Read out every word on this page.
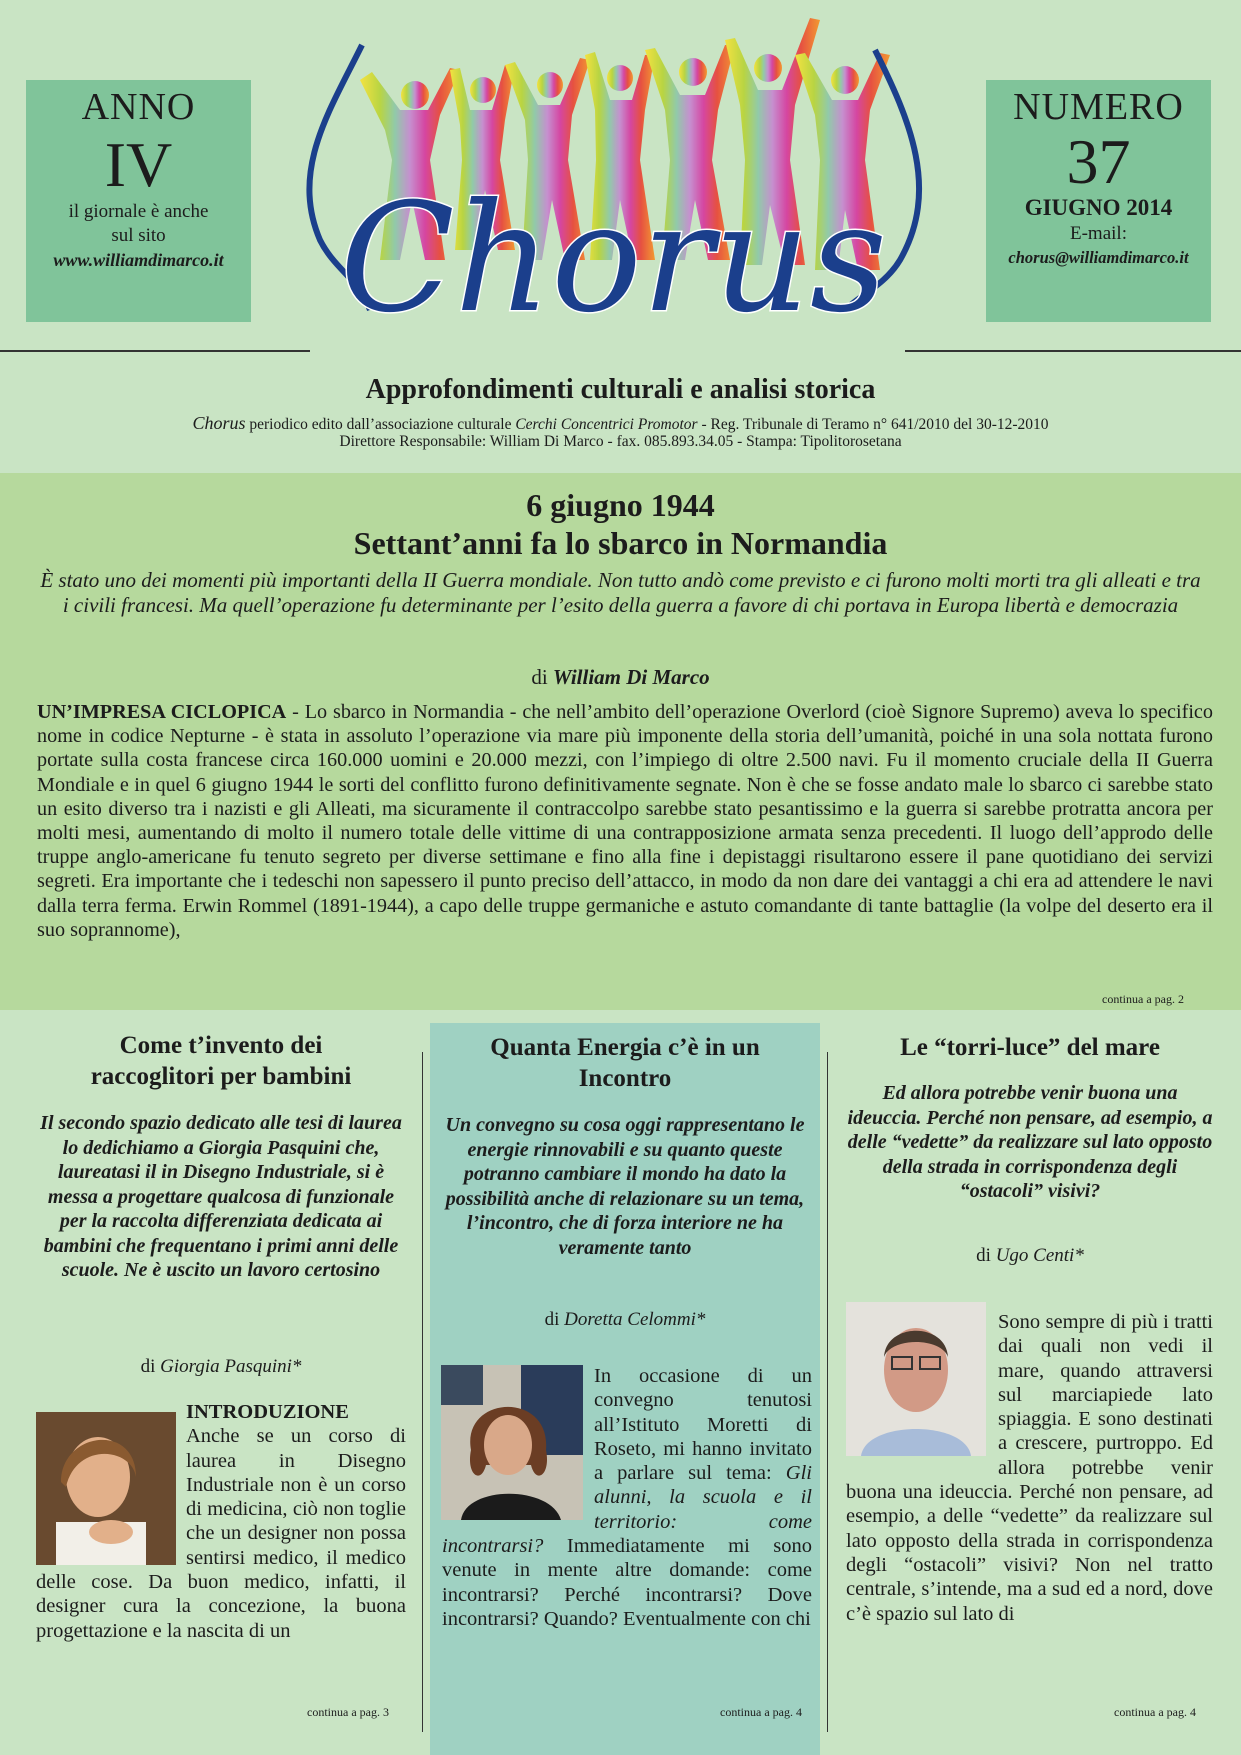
ANNO
IV
il giornale è anche
sul sito
www.williamdimarco.it
NUMERO
37
GIUGNO 2014
E-mail:
chorus@williamdimarco.it
Chorus
Approfondimenti culturali e analisi storica
Chorus periodico edito dall’associazione culturale Cerchi Concentrici Promotor - Reg. Tribunale di Teramo n° 641/2010 del 30-12-2010
Direttore Responsabile: William Di Marco - fax. 085.893.34.05 - Stampa: Tipolitorosetana
6 giugno 1944
Settant’anni fa lo sbarco in Normandia
È stato uno dei momenti più importanti della II Guerra mondiale. Non tutto andò come previsto e ci furono molti morti tra gli alleati e tra i civili francesi. Ma quell’operazione fu determinante per l’esito della guerra a favore di chi portava in Europa libertà e democrazia
di William Di Marco
UN’IMPRESA CICLOPICA - Lo sbarco in Normandia - che nell’ambito dell’operazione Overlord (cioè Signore Supremo) aveva lo specifico nome in codice Nepturne - è stata in assoluto l’operazione via mare più imponente della storia dell’umanità, poiché in una sola nottata furono portate sulla costa francese circa 160.000 uomini e 20.000 mezzi, con l’impiego di oltre 2.500 navi. Fu il momento cruciale della II Guerra Mondiale e in quel 6 giugno 1944 le sorti del conflitto furono definitivamente segnate. Non è che se fosse andato male lo sbarco ci sarebbe stato un esito diverso tra i nazisti e gli Alleati, ma sicuramente il contraccolpo sarebbe stato pesantissimo e la guerra si sarebbe protratta ancora per molti mesi, aumentando di molto il numero totale delle vittime di una contrapposizione armata senza precedenti. Il luogo dell’approdo delle truppe anglo-americane fu tenuto segreto per diverse settimane e fino alla fine i depistaggi risultarono essere il pane quotidiano dei servizi segreti. Era importante che i tedeschi non sapessero il punto preciso dell’attacco, in modo da non dare dei vantaggi a chi era ad attendere le navi dalla terra ferma. Erwin Rommel (1891-1944), a capo delle truppe germaniche e astuto comandante di tante battaglie (la volpe del deserto era il suo soprannome),
continua a pag. 2
Come t’invento dei
raccoglitori per bambini
Il secondo spazio dedicato alle tesi di laurea lo dedichiamo a Giorgia Pasquini che, laureatasi il in Disegno Industriale, si è messa a progettare qualcosa di funzionale per la raccolta differenziata dedicata ai bambini che frequentano i primi anni delle scuole. Ne è uscito un lavoro certosino
di Giorgia Pasquini*
INTRODUZIONE
Anche se un corso di laurea in Disegno Industriale non è un corso di medicina, ciò non toglie che un designer non possa sentirsi medico, il medico delle cose. Da buon medico, infatti, il designer cura la concezione, la buona progettazione e la nascita di un
continua a pag. 3
Quanta Energia c’è in un
Incontro
Un convegno su cosa oggi rappresentano le energie rinnovabili e su quanto queste potranno cambiare il mondo ha dato la possibilità anche di relazionare su un tema, l’incontro, che di forza interiore ne ha veramente tanto
di Doretta Celommi*
In occasione di un convegno tenutosi all’Istituto Moretti di Roseto, mi hanno invitato a parlare sul tema: Gli alunni, la scuola e il territorio: come incontrarsi? Immediatamente mi sono venute in mente altre domande: come incontrarsi? Perché incontrarsi? Dove incontrarsi? Quando? Eventualmente con chi
continua a pag. 4
Le “torri-luce” del mare
Ed allora potrebbe venir buona una ideuccia. Perché non pensare, ad esempio, a delle “vedette” da realizzare sul lato opposto della strada in corrispondenza degli “ostacoli” visivi?
di Ugo Centi*
Sono sempre di più i tratti dai quali non vedi il mare, quando attraversi sul marciapiede lato spiaggia. E sono destinati a crescere, purtroppo. Ed allora potrebbe venir buona una ideuccia. Perché non pensare, ad esempio, a delle “vedette” da realizzare sul lato opposto della strada in corrispondenza degli “ostacoli” visivi? Non nel tratto centrale, s’intende, ma a sud ed a nord, dove c’è spazio sul lato di
continua a pag. 4
